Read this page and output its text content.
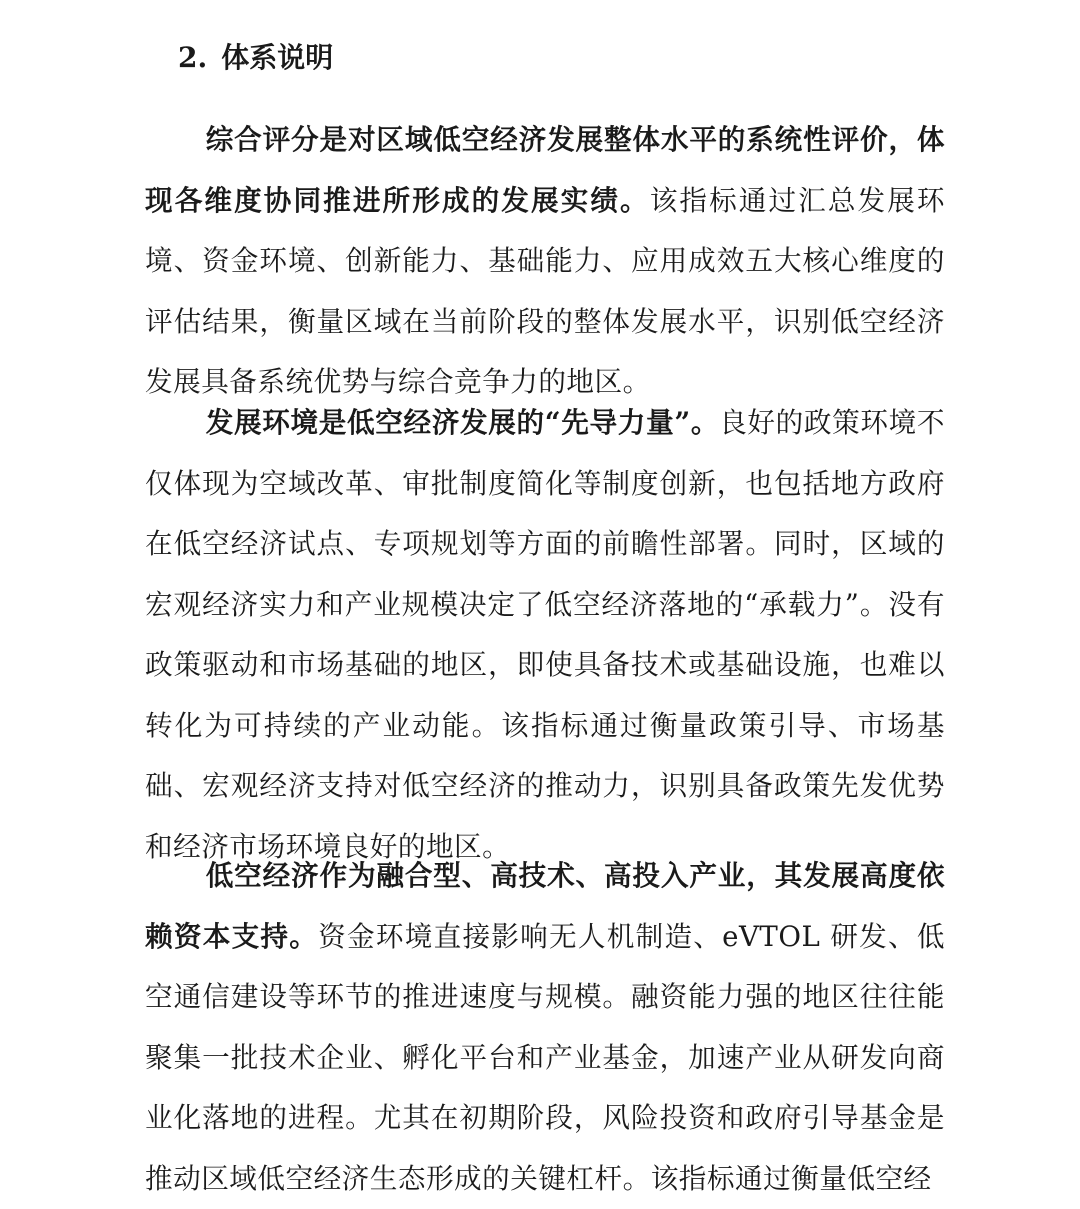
2. 体系说明

综合评分是对区域低空经济发展整体水平的系统性评价，体现各维度协同推进所形成的发展实绩。该指标通过汇总发展环境、资金环境、创新能力、基础能力、应用成效五大核心维度的评估结果，衡量区域在当前阶段的整体发展水平，识别低空经济发展具备系统优势与综合竞争力的地区。

发展环境是低空经济发展的“先导力量”。良好的政策环境不仅体现为空域改革、审批制度简化等制度创新，也包括地方政府在低空经济试点、专项规划等方面的前瞻性部署。同时，区域的宏观经济实力和产业规模决定了低空经济落地的“承载力”。没有政策驱动和市场基础的地区，即使具备技术或基础设施，也难以转化为可持续的产业动能。该指标通过衡量政策引导、市场基础、宏观经济支持对低空经济的推动力，识别具备政策先发优势和经济市场环境良好的地区。

低空经济作为融合型、高技术、高投入产业，其发展高度依赖资本支持。资金环境直接影响无人机制造、eVTOL 研发、低空通信建设等环节的推进速度与规模。融资能力强的地区往往能聚集一批技术企业、孵化平台和产业基金，加速产业从研发向商业化落地的进程。尤其在初期阶段，风险投资和政府引导基金是推动区域低空经济生态形成的关键杠杆。该指标通过衡量低空经
